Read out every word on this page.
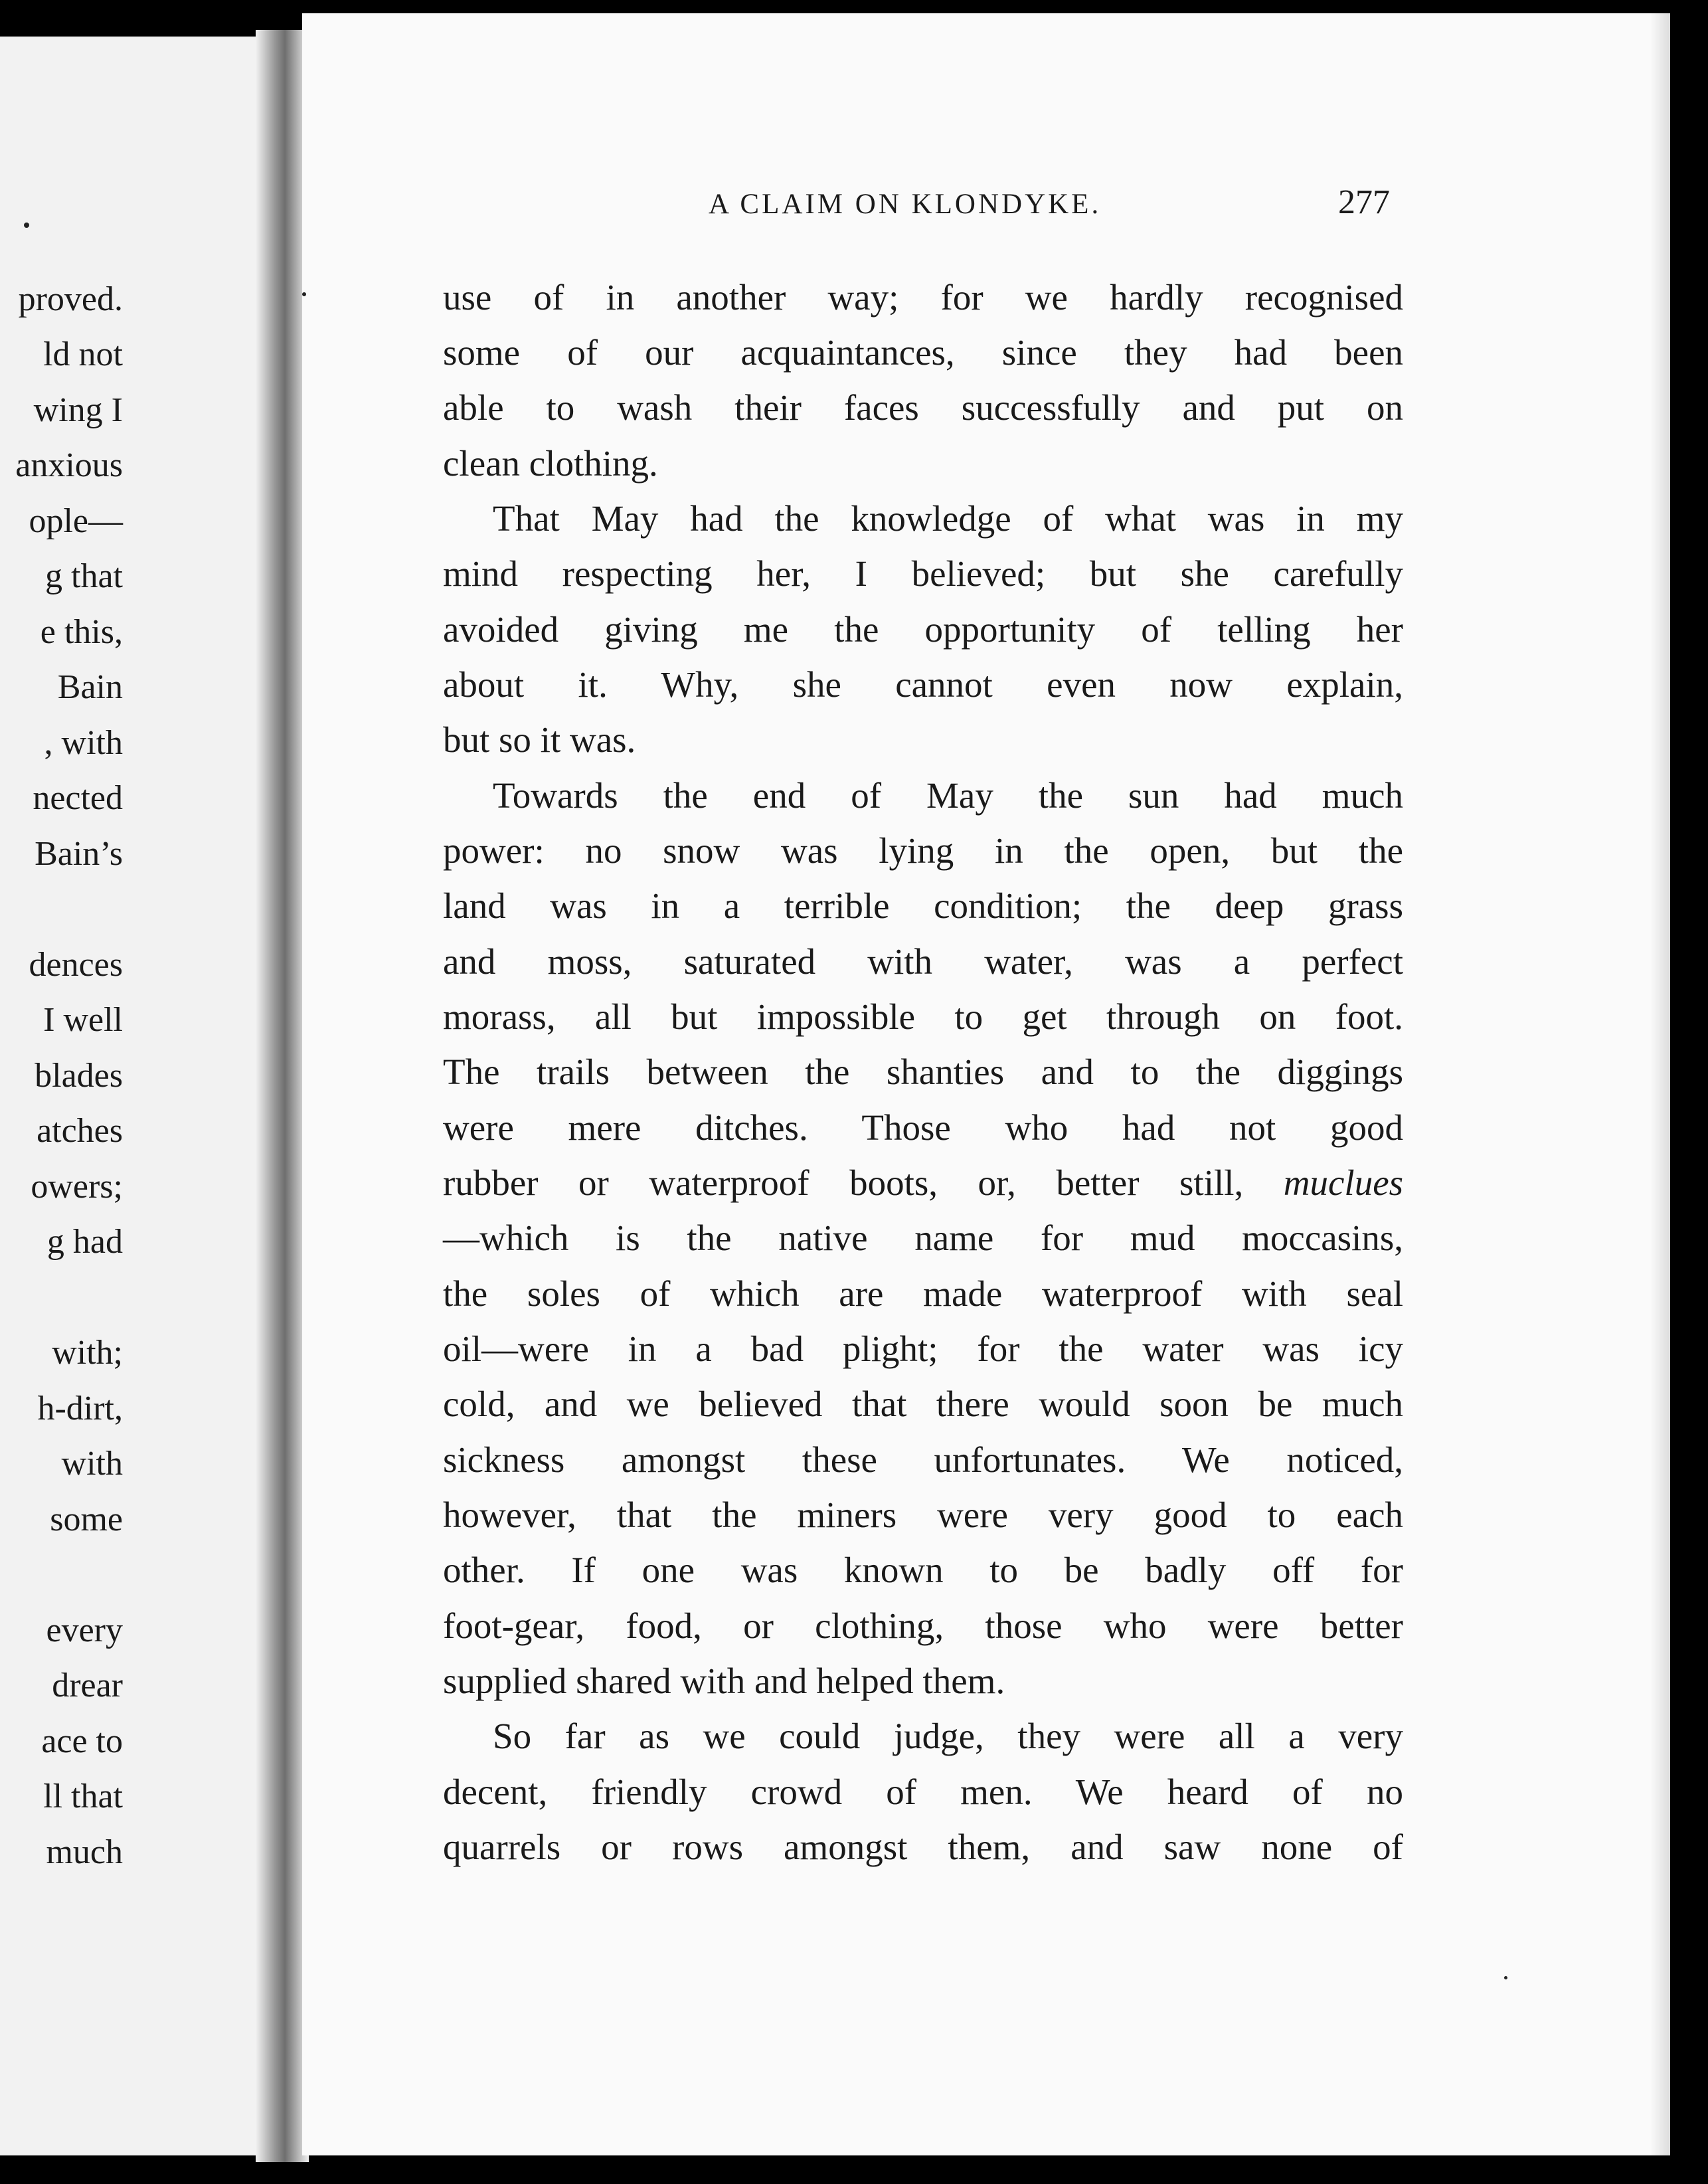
proved.
ld not
wing I
anxious
ople—
g that
e this,
Bain
, with
nected
Bain’s
dences
I well
blades
atches
owers;
g had
with;
h-dirt,
with
some
every
drear
ace to
ll that
much
A CLAIM ON KLONDYKE.	277
use of in another way; for we hardly recognised
some of our acquaintances, since they had been
able to wash their faces successfully and put on
clean clothing.
That May had the knowledge of what was in my
mind respecting her, I believed; but she carefully
avoided giving me the opportunity of telling her
about it. Why, she cannot even now explain,
but so it was.
Towards the end of May the sun had much
power: no snow was lying in the open, but the
land was in a terrible condition; the deep grass
and moss, saturated with water, was a perfect
morass, all but impossible to get through on foot.
The trails between the shanties and to the diggings
were mere ditches. Those who had not good
rubber or waterproof boots, or, better still, muclues
—which is the native name for mud moccasins,
the soles of which are made waterproof with seal
oil—were in a bad plight; for the water was icy
cold, and we believed that there would soon be much
sickness amongst these unfortunates. We noticed,
however, that the miners were very good to each
other. If one was known to be badly off for
foot-gear, food, or clothing, those who were better
supplied shared with and helped them.
So far as we could judge, they were all a very
decent, friendly crowd of men. We heard of no
quarrels or rows amongst them, and saw none of
